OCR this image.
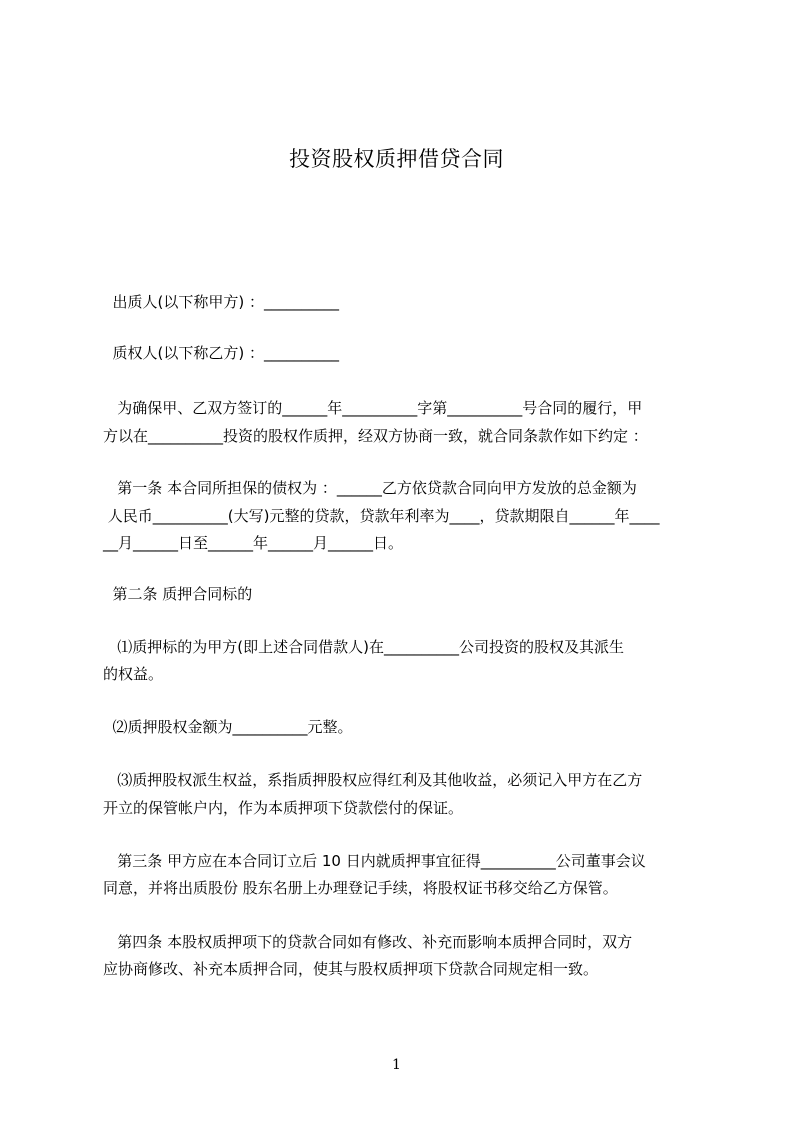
投资股权质押借贷合同
出质人(以下称甲方) ：__________
质权人(以下称乙方) ：__________
为确保甲、乙双方签订的______年__________字第__________号合同的履行，甲
方以在__________投资的股权作质押，经双方协商一致，就合同条款作如下约定 ：
第一条 本合同所担保的债权为 ：______乙方依贷款合同向甲方发放的总金额为
人民币__________(大写)元整的贷款，贷款年利率为____，贷款期限自______年____
__月______日至______年______月______日。
第二条 质押合同标的
⑴质押标的为甲方(即上述合同借款人)在__________公司投资的股权及其派生
的权益。
⑵质押股权金额为__________元整。
⑶质押股权派生权益，系指质押股权应得红利及其他收益，必须记入甲方在乙方
开立的保管帐户内，作为本质押项下贷款偿付的保证。
第三条 甲方应在本合同订立后 10 日内就质押事宜征得__________公司董事会议
同意，并将出质股份 股东名册上办理登记手续，将股权证书移交给乙方保管。
第四条 本股权质押项下的贷款合同如有修改、补充而影响本质押合同时，双方
应协商修改、补充本质押合同，使其与股权质押项下贷款合同规定相一致。
1
